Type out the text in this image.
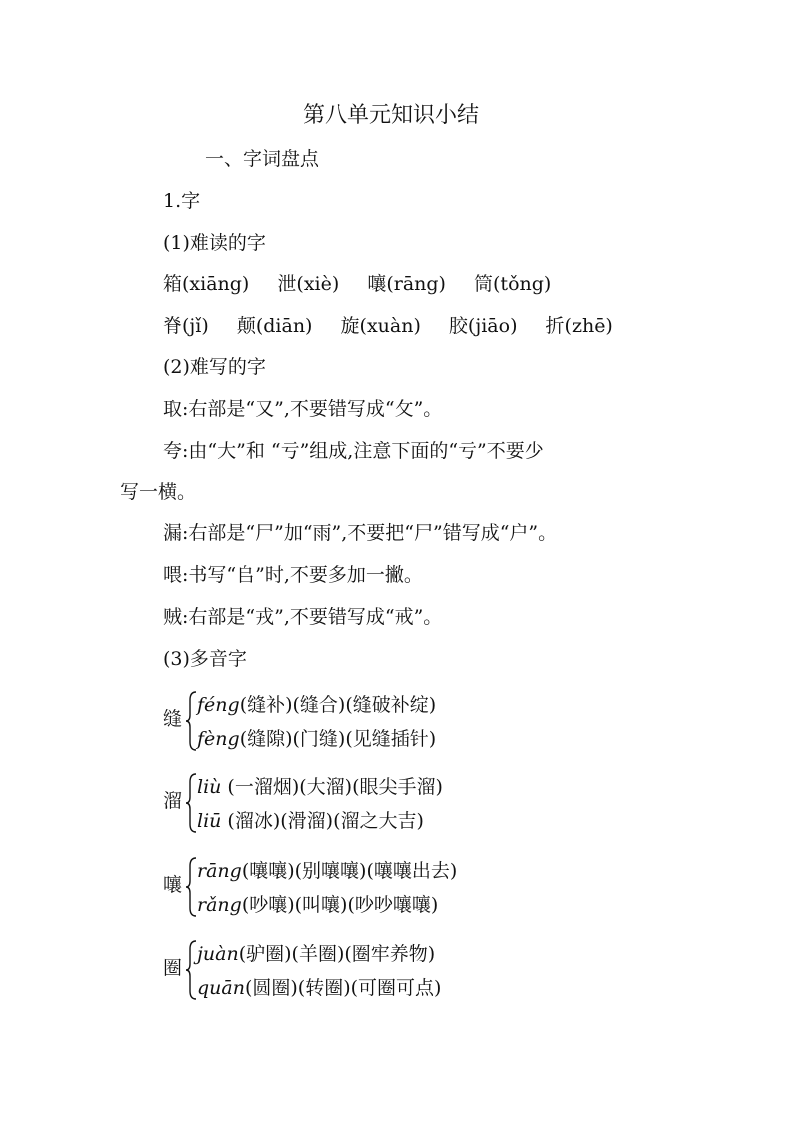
第八单元知识小结
一、字词盘点
1.字
(1)难读的字
箱(xiāng) 泄(xiè) 嚷(rāng) 筒(tǒng)
脊(jǐ) 颠(diān) 旋(xuàn) 胶(jiāo) 折(zhē)
(2)难写的字
取:右部是“又”,不要错写成“攵”。
夸:由“大”和 “亏”组成,注意下面的“亏”不要少
写一横。
漏:右部是“尸”加“雨”,不要把“尸”错写成“户”。
喂:书写“𠂤”时,不要多加一撇。
贼:右部是“戎”,不要错写成“戒”。
(3)多音字
缝
féng(缝补)(缝合)(缝破补绽)
fèng(缝隙)(门缝)(见缝插针)
溜
liù (一溜烟)(大溜)(眼尖手溜)
liū (溜冰)(滑溜)(溜之大吉)
嚷
rāng(嚷嚷)(别嚷嚷)(嚷嚷出去)
rǎng(吵嚷)(叫嚷)(吵吵嚷嚷)
圈
juàn(驴圈)(羊圈)(圈牢养物)
quān(圆圈)(转圈)(可圈可点)
